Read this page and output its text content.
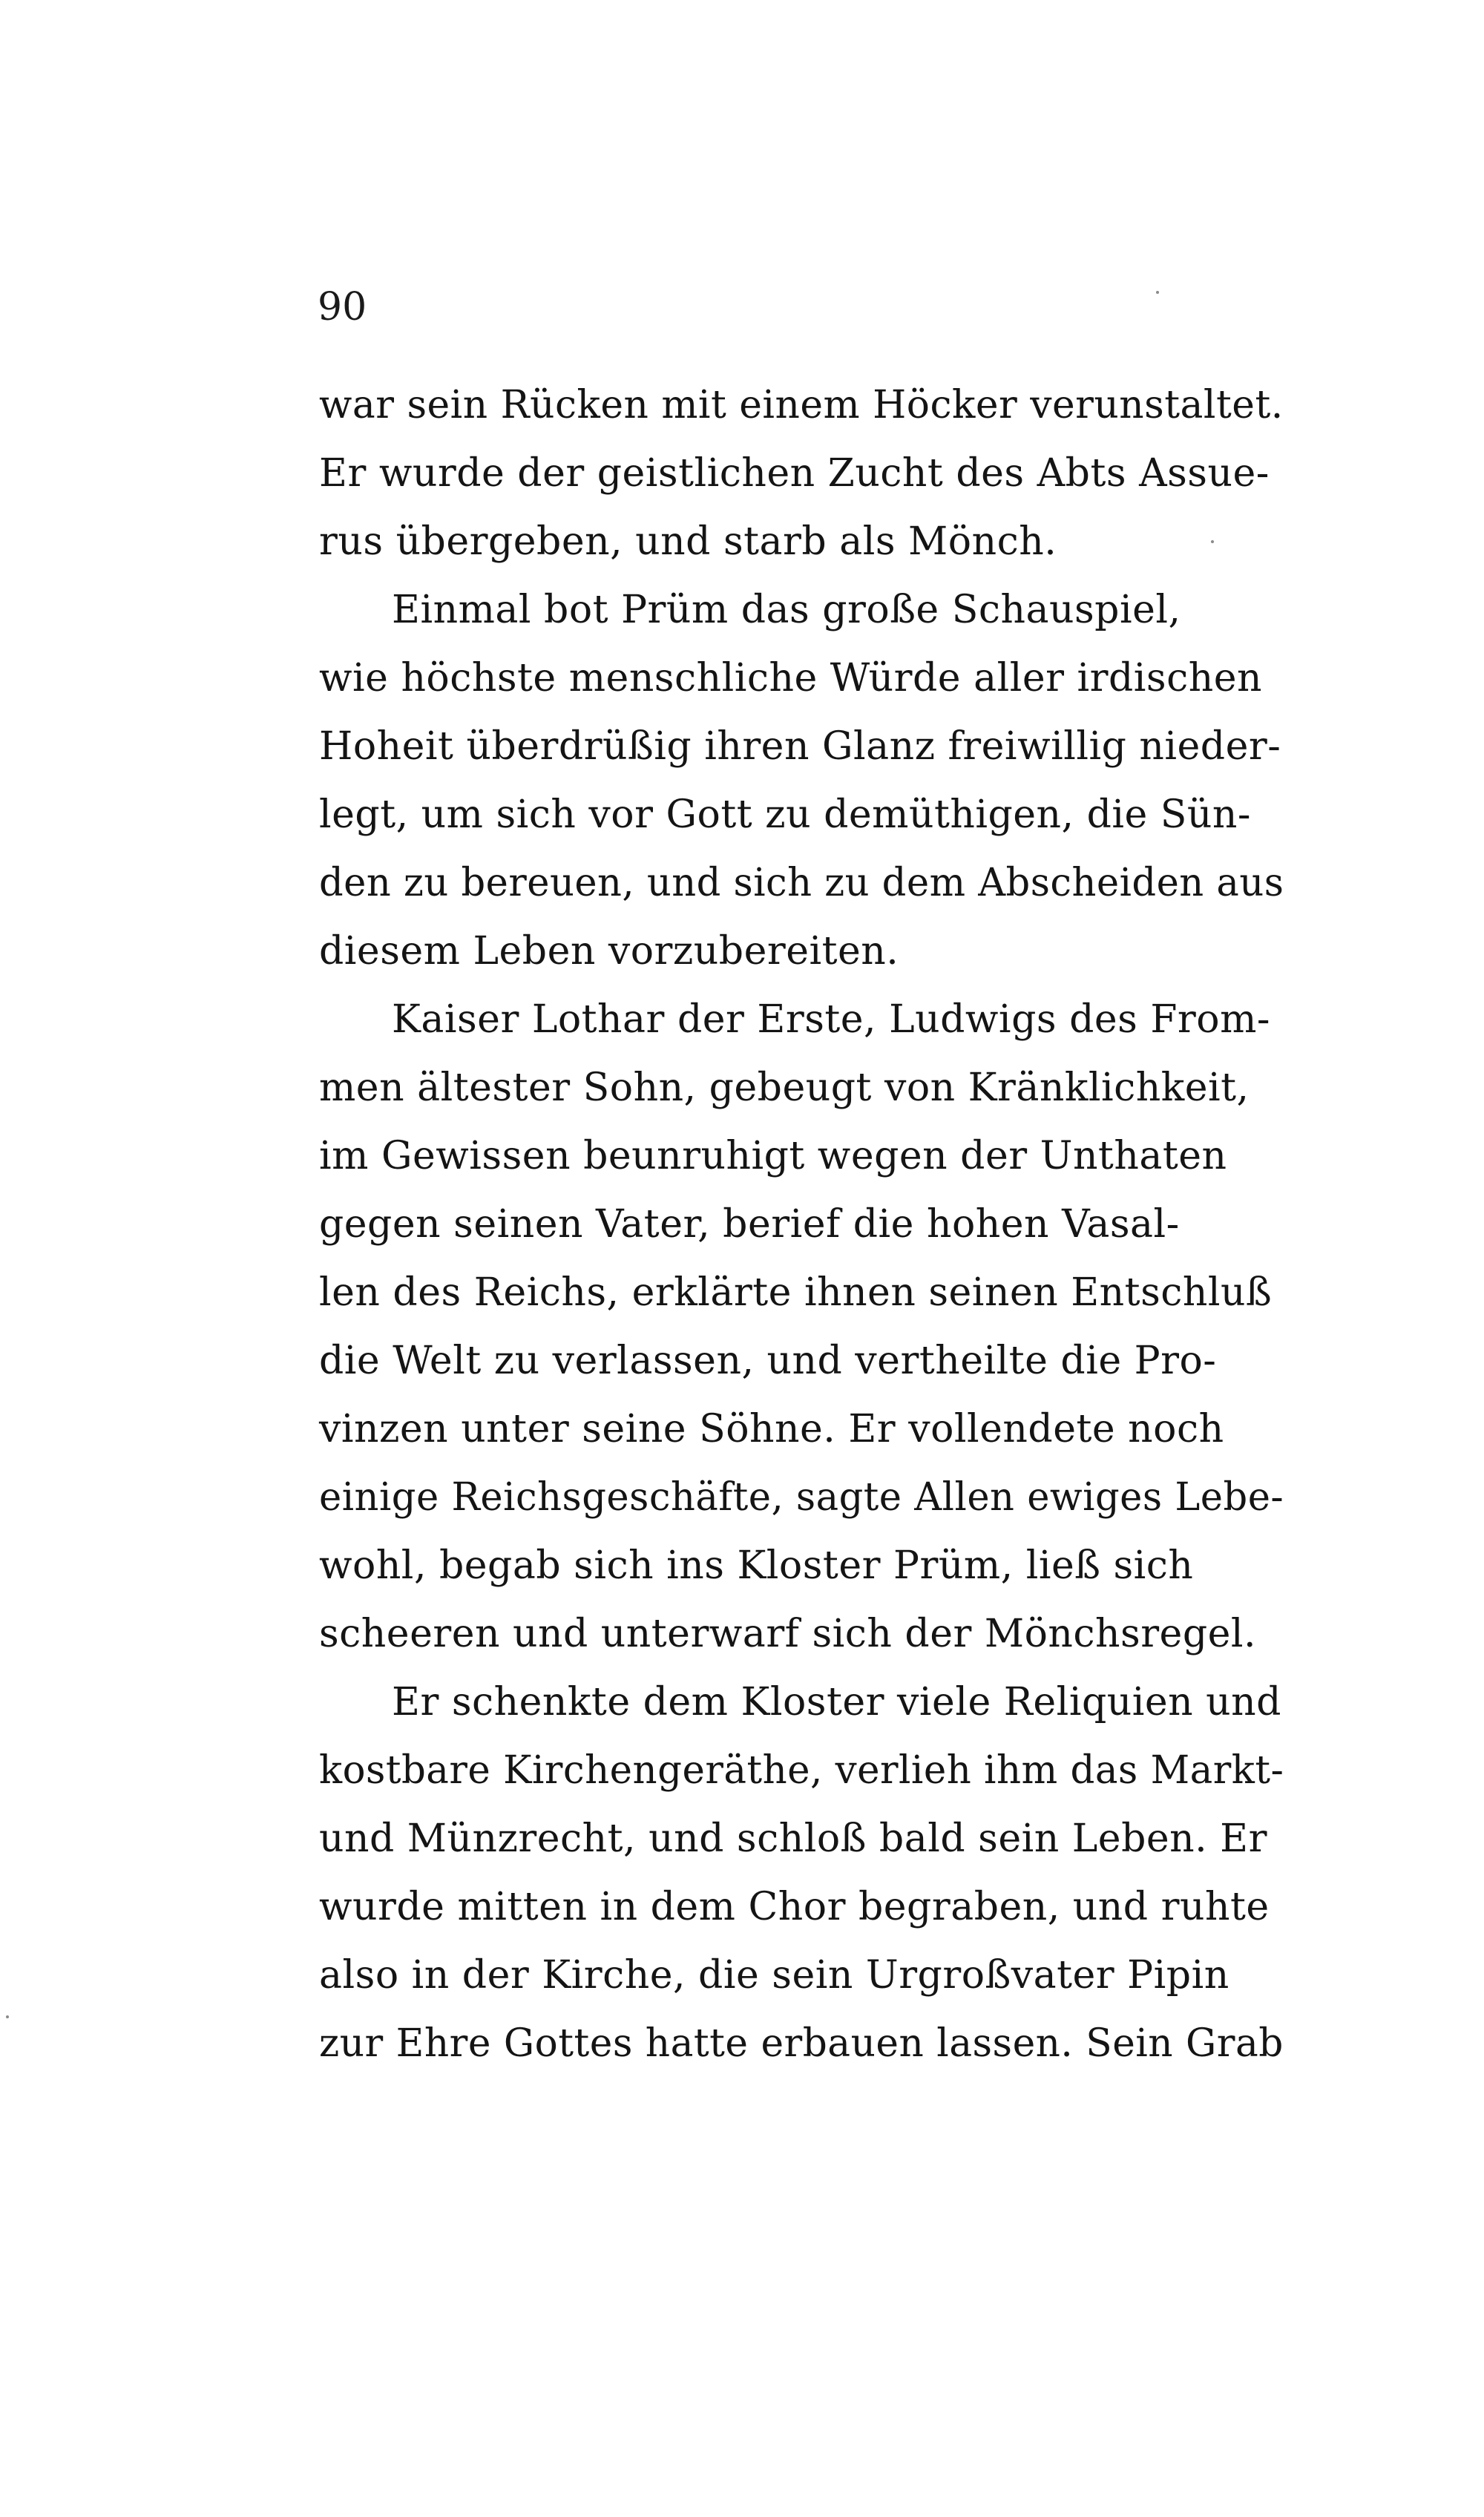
90
war sein Rücken mit einem Höcker verunstaltet.
Er wurde der geistlichen Zucht des Abts Assue-
rus übergeben, und starb als Mönch.
Einmal bot Prüm das große Schauspiel,
wie höchste menschliche Würde aller irdischen
Hoheit überdrüßig ihren Glanz freiwillig nieder-
legt, um sich vor Gott zu demüthigen, die Sün-
den zu bereuen, und sich zu dem Abscheiden aus
diesem Leben vorzubereiten.
Kaiser Lothar der Erste, Ludwigs des From-
men ältester Sohn, gebeugt von Kränklichkeit,
im Gewissen beunruhigt wegen der Unthaten
gegen seinen Vater, berief die hohen Vasal-
len des Reichs, erklärte ihnen seinen Entschluß
die Welt zu verlassen, und vertheilte die Pro-
vinzen unter seine Söhne. Er vollendete noch
einige Reichsgeschäfte, sagte Allen ewiges Lebe-
wohl, begab sich ins Kloster Prüm, ließ sich
scheeren und unterwarf sich der Mönchsregel.
Er schenkte dem Kloster viele Reliquien und
kostbare Kirchengeräthe, verlieh ihm das Markt-
und Münzrecht, und schloß bald sein Leben. Er
wurde mitten in dem Chor begraben, und ruhte
also in der Kirche, die sein Urgroßvater Pipin
zur Ehre Gottes hatte erbauen lassen. Sein Grab
